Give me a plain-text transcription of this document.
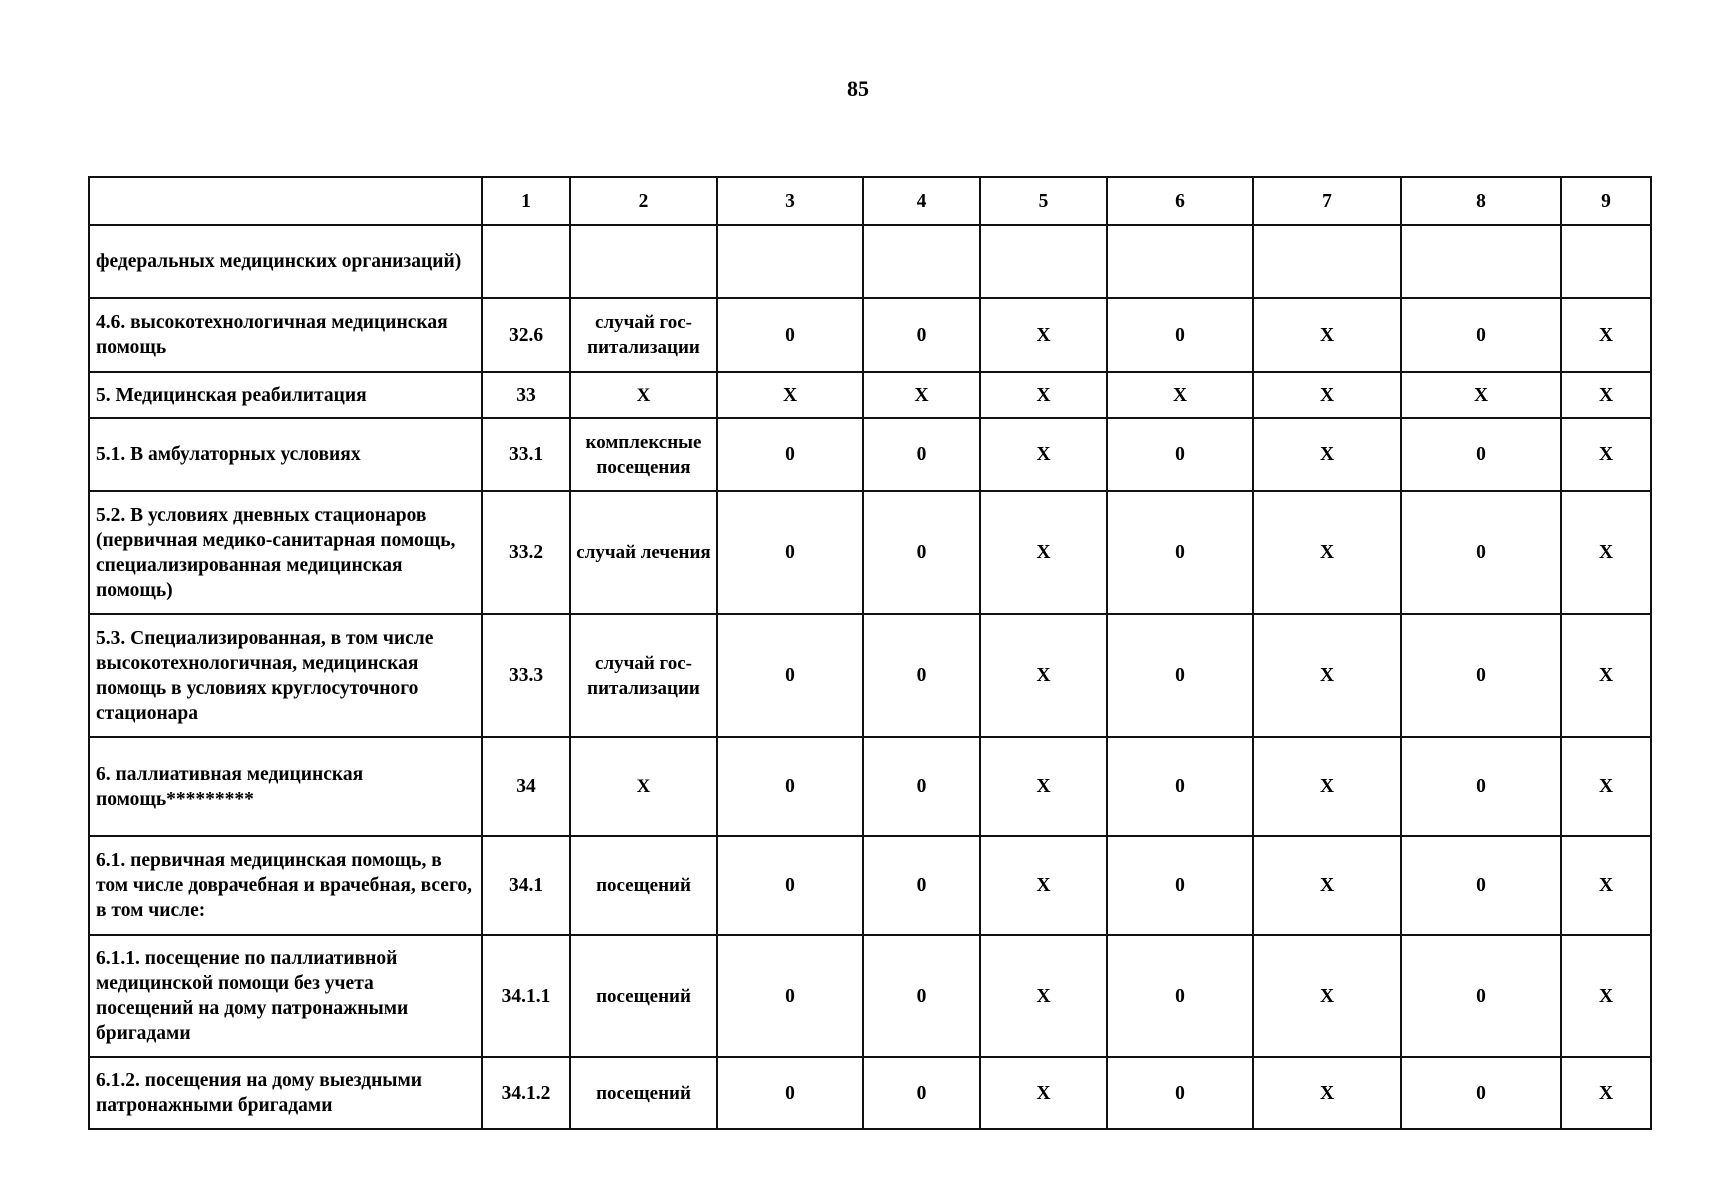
85
	1	2	3	4	5	6	7	8	9
федеральных медицинских организаций)									
4.6. высокотехнологичная медицинская помощь	32.6	случай гос-питализации	0	0	X	0	X	0	X
5. Медицинская реабилитация	33	X	X	X	X	X	X	X	X
5.1. В амбулаторных условиях	33.1	комплексные посещения	0	0	X	0	X	0	X
5.2. В условиях дневных стационаров (первичная медико-санитарная помощь, специализированная медицинская помощь)	33.2	случай лечения	0	0	X	0	X	0	X
5.3. Специализированная, в том числе высокотехнологичная, медицинская помощь в условиях круглосуточного стационара	33.3	случай гос-питализации	0	0	X	0	X	0	X
6. паллиативная медицинская помощь*********	34	X	0	0	X	0	X	0	X
6.1. первичная медицинская помощь, в том числе доврачебная и врачебная, всего, в том числе:	34.1	посещений	0	0	X	0	X	0	X
6.1.1. посещение по паллиативной медицинской помощи без учета посещений на дому патронажными бригадами	34.1.1	посещений	0	0	X	0	X	0	X
6.1.2. посещения на дому выездными патронажными бригадами	34.1.2	посещений	0	0	X	0	X	0	X
